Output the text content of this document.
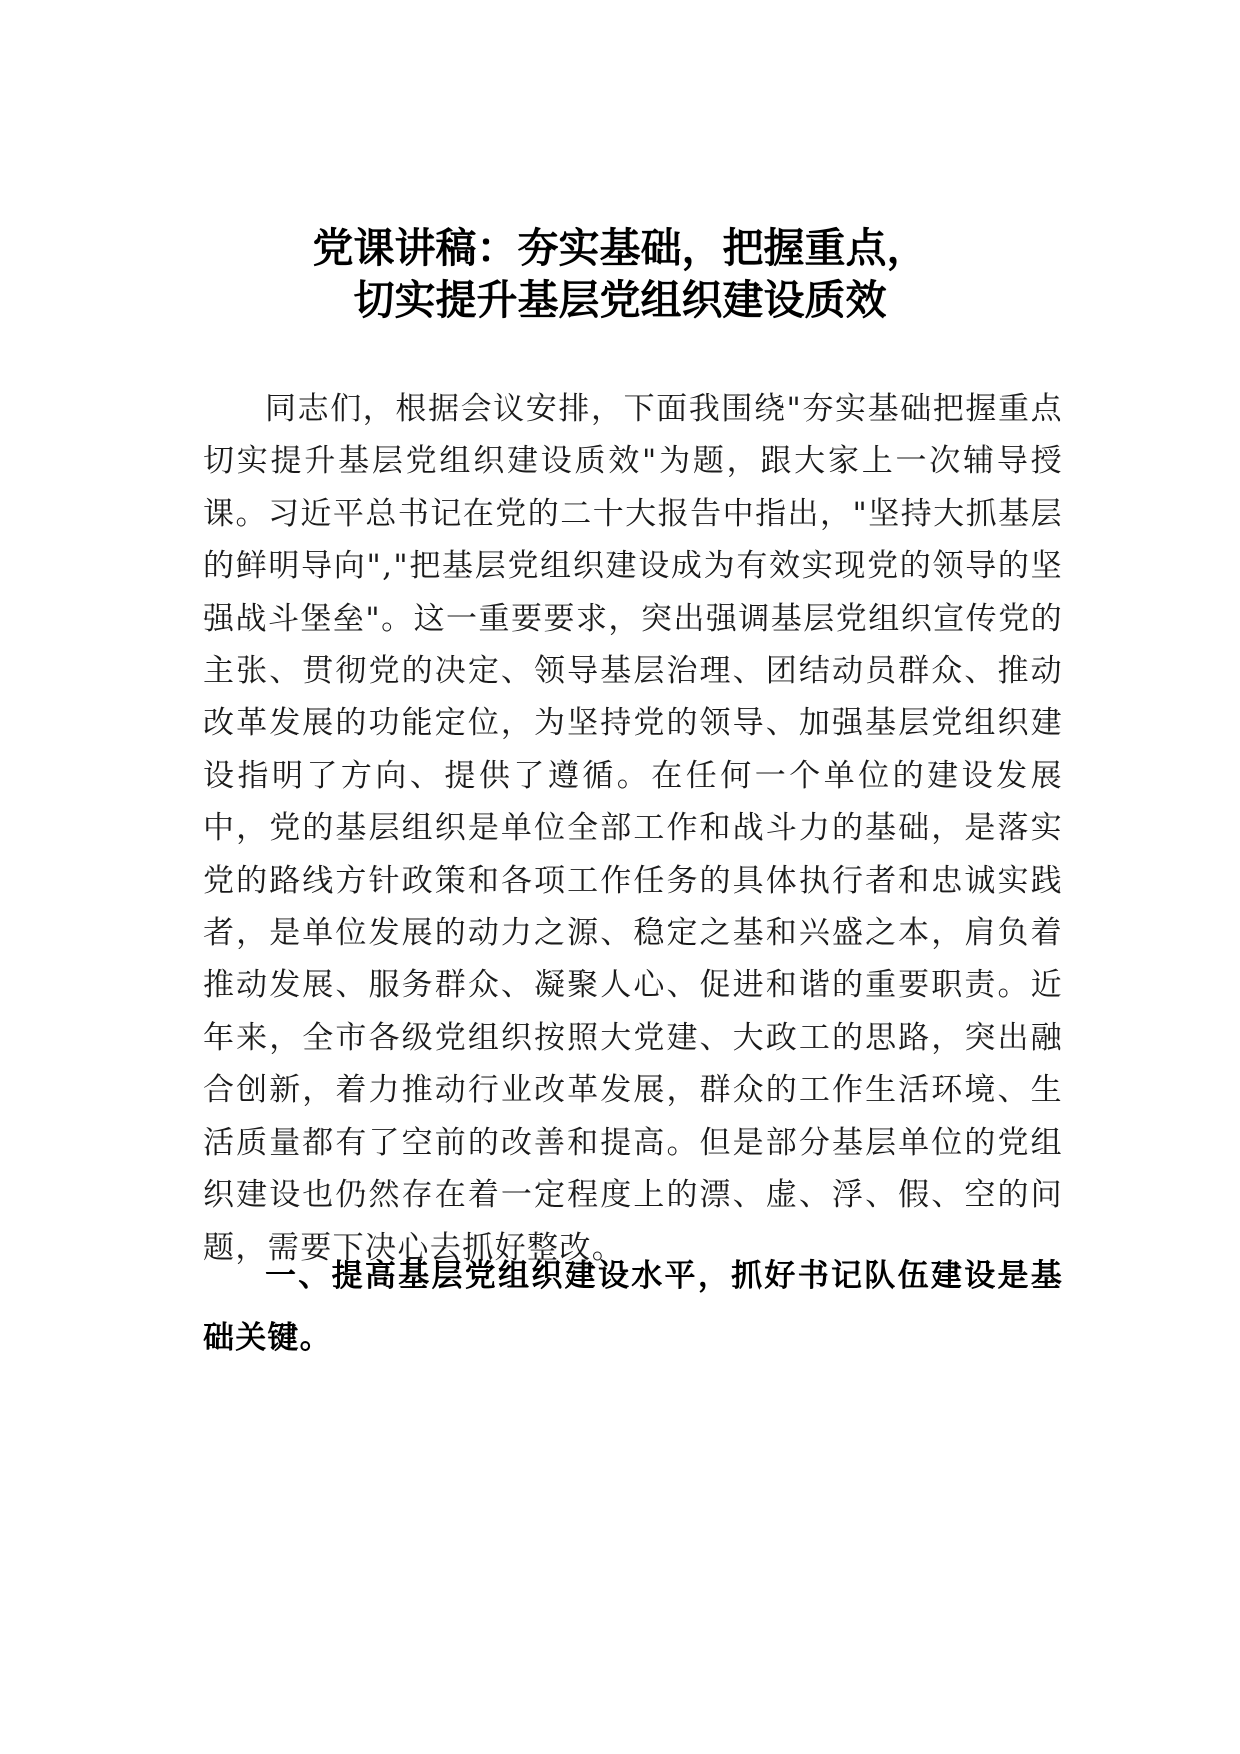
党课讲稿：夯实基础，把握重点，
切实提升基层党组织建设质效

同志们，根据会议安排，下面我围绕"夯实基础把握重点切实提升基层党组织建设质效"为题，跟大家上一次辅导授课。习近平总书记在党的二十大报告中指出，"坚持大抓基层的鲜明导向","把基层党组织建设成为有效实现党的领导的坚强战斗堡垒"。这一重要要求，突出强调基层党组织宣传党的主张、贯彻党的决定、领导基层治理、团结动员群众、推动改革发展的功能定位，为坚持党的领导、加强基层党组织建设指明了方向、提供了遵循。在任何一个单位的建设发展中，党的基层组织是单位全部工作和战斗力的基础，是落实党的路线方针政策和各项工作任务的具体执行者和忠诚实践者，是单位发展的动力之源、稳定之基和兴盛之本，肩负着推动发展、服务群众、凝聚人心、促进和谐的重要职责。近年来，全市各级党组织按照大党建、大政工的思路，突出融合创新，着力推动行业改革发展，群众的工作生活环境、生活质量都有了空前的改善和提高。但是部分基层单位的党组织建设也仍然存在着一定程度上的漂、虚、浮、假、空的问题，需要下决心去抓好整改。

一、提高基层党组织建设水平，抓好书记队伍建设是基础关键。
